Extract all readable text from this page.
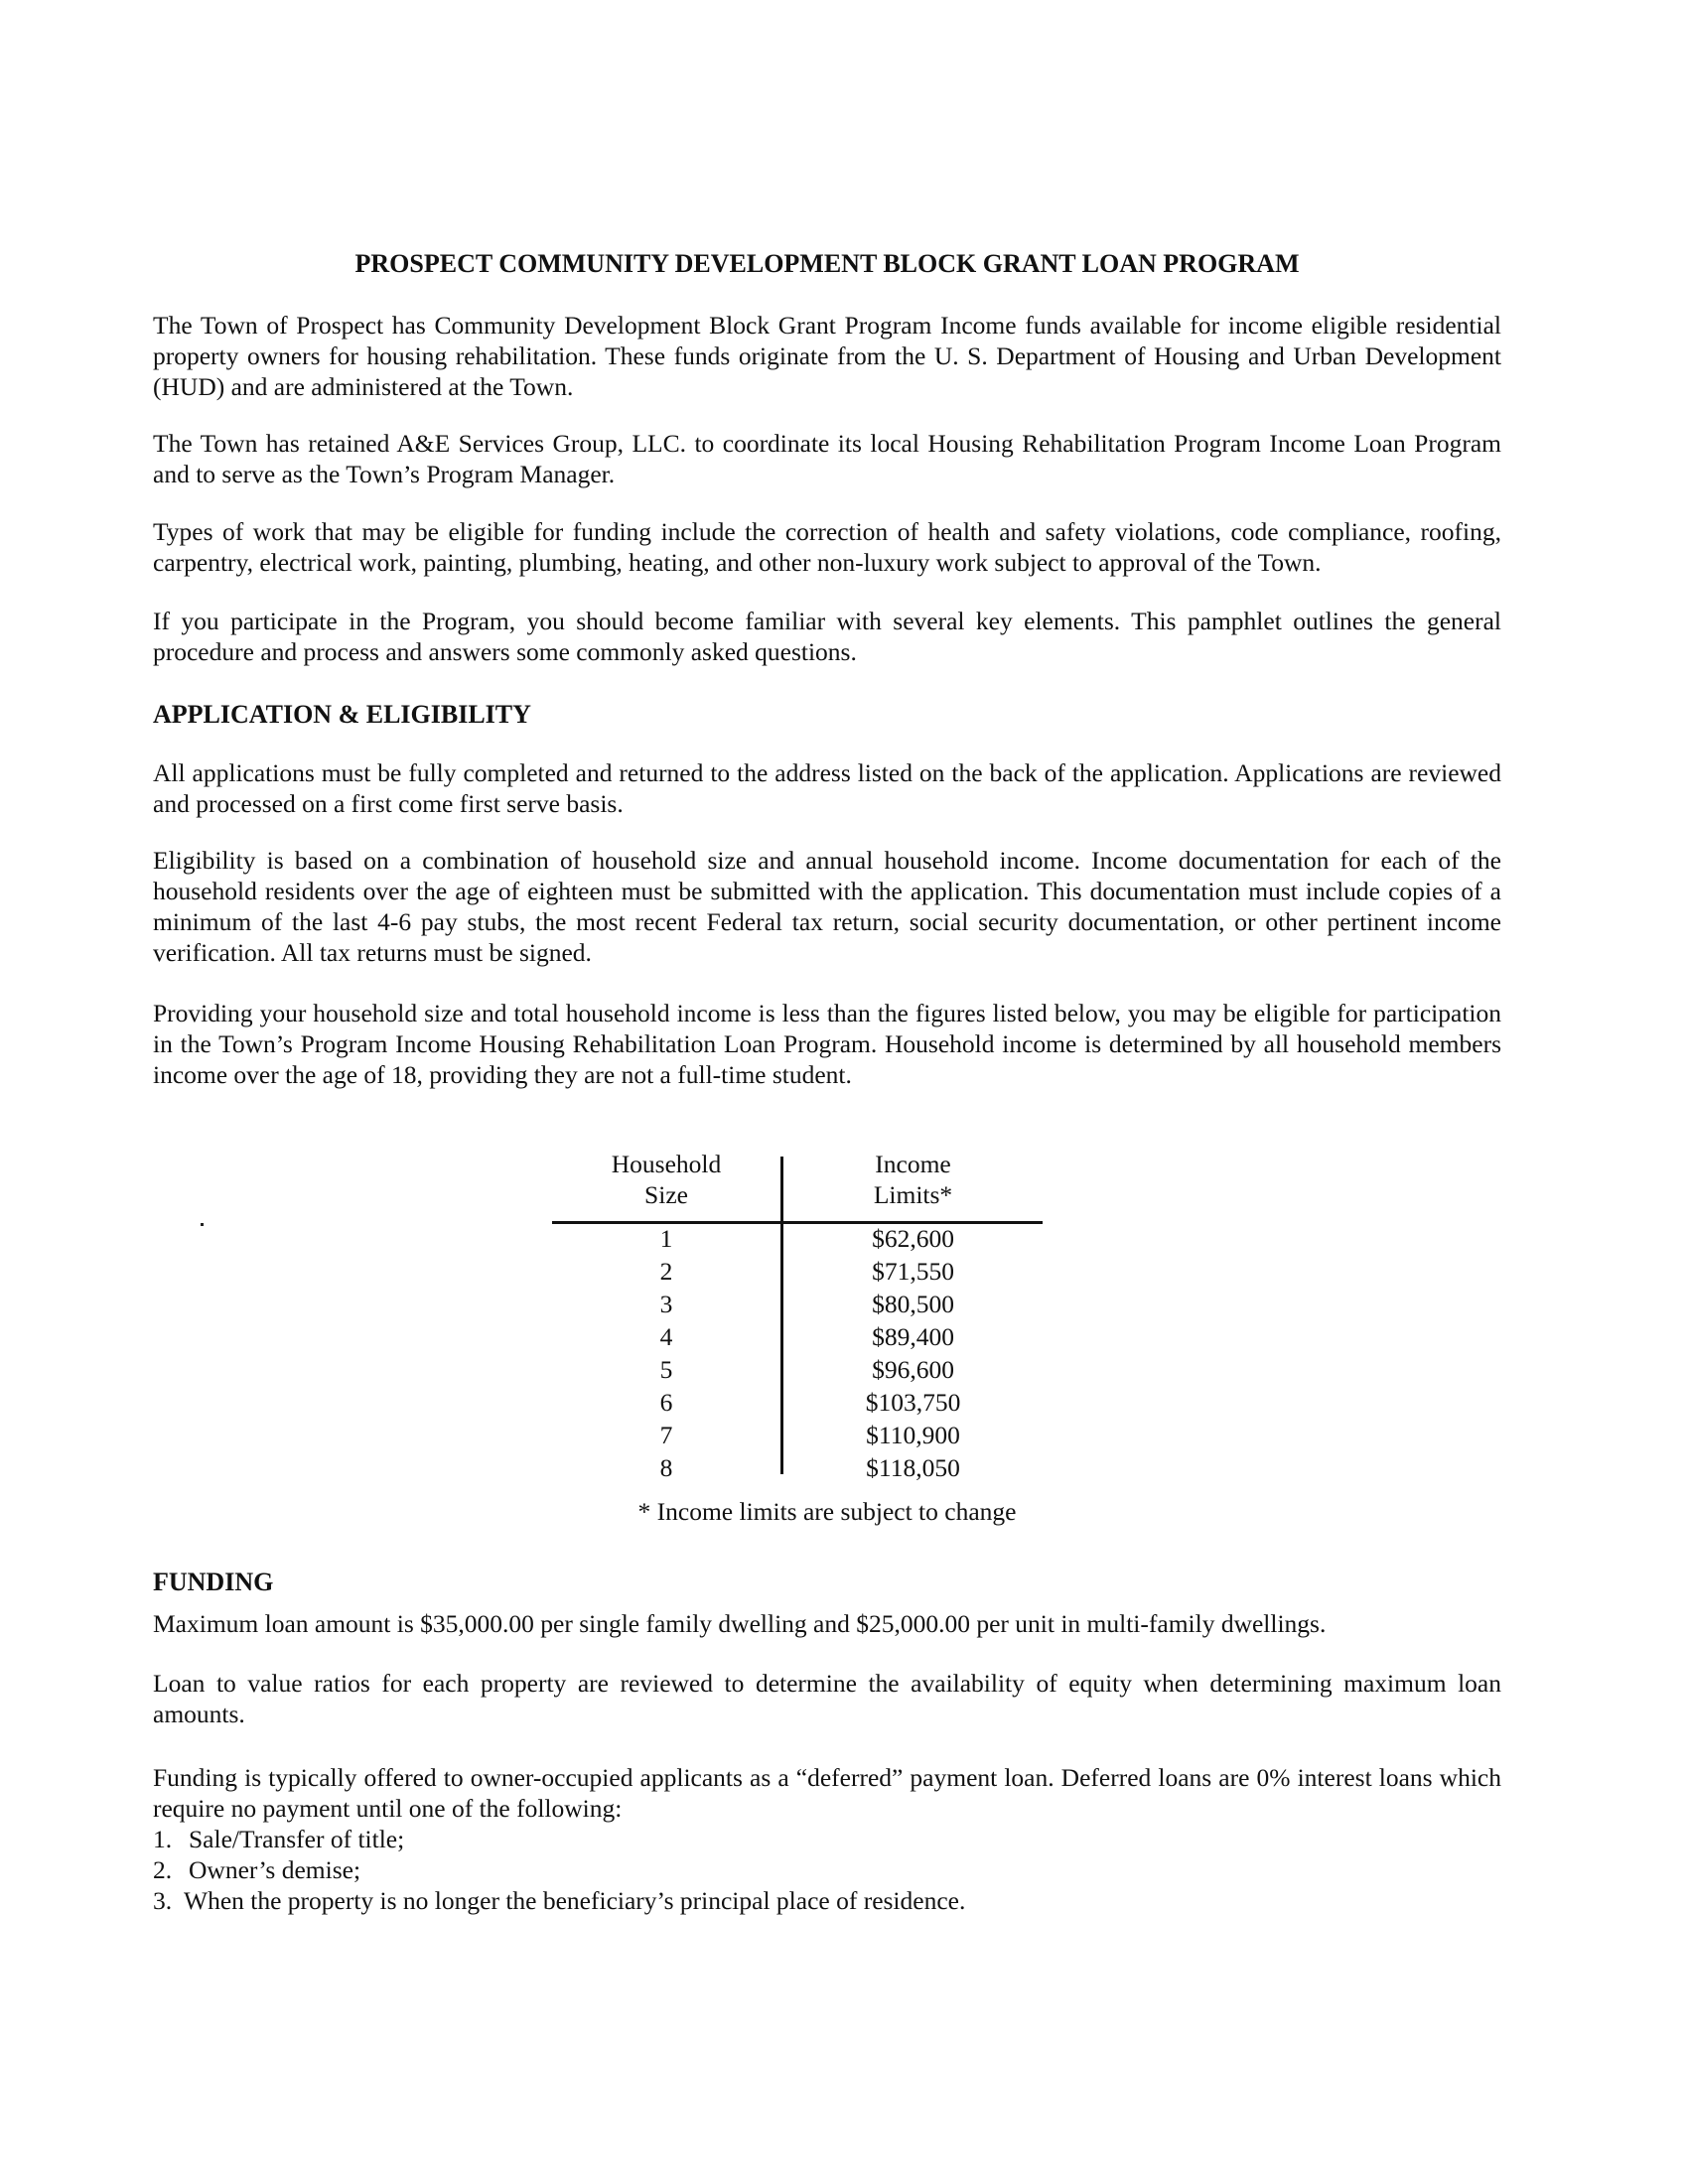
PROSPECT COMMUNITY DEVELOPMENT BLOCK GRANT LOAN PROGRAM

The Town of Prospect has Community Development Block Grant Program Income funds available for income eligible residential property owners for housing rehabilitation. These funds originate from the U. S. Department of Housing and Urban Development (HUD) and are administered at the Town.

The Town has retained A&E Services Group, LLC. to coordinate its local Housing Rehabilitation Program Income Loan Program and to serve as the Town’s Program Manager.

Types of work that may be eligible for funding include the correction of health and safety violations, code compliance, roofing, carpentry, electrical work, painting, plumbing, heating, and other non-luxury work subject to approval of the Town.

If you participate in the Program, you should become familiar with several key elements. This pamphlet outlines the general procedure and process and answers some commonly asked questions.

APPLICATION & ELIGIBILITY

All applications must be fully completed and returned to the address listed on the back of the application. Applications are reviewed and processed on a first come first serve basis.

Eligibility is based on a combination of household size and annual household income. Income documentation for each of the household residents over the age of eighteen must be submitted with the application. This documentation must include copies of a minimum of the last 4-6 pay stubs, the most recent Federal tax return, social security documentation, or other pertinent income verification. All tax returns must be signed.

Providing your household size and total household income is less than the figures listed below, you may be eligible for participation in the Town’s Program Income Housing Rehabilitation Loan Program. Household income is determined by all household members income over the age of 18, providing they are not a full-time student.

* Income limits are subject to change

FUNDING

Maximum loan amount is $35,000.00 per single family dwelling and $25,000.00 per unit in multi-family dwellings.

Loan to value ratios for each property are reviewed to determine the availability of equity when determining maximum loan amounts.

Funding is typically offered to owner-occupied applicants as a “deferred” payment loan. Deferred loans are 0% interest loans which require no payment until one of the following:

1. Sale/Transfer of title;
2. Owner’s demise;
3. When the property is no longer the beneficiary’s principal place of residence.
Household
Size
Income
Limits*
1
2
3
4
5
6
7
8
$62,600
$71,550
$80,500
$89,400
$96,600
$103,750
$110,900
$118,050
